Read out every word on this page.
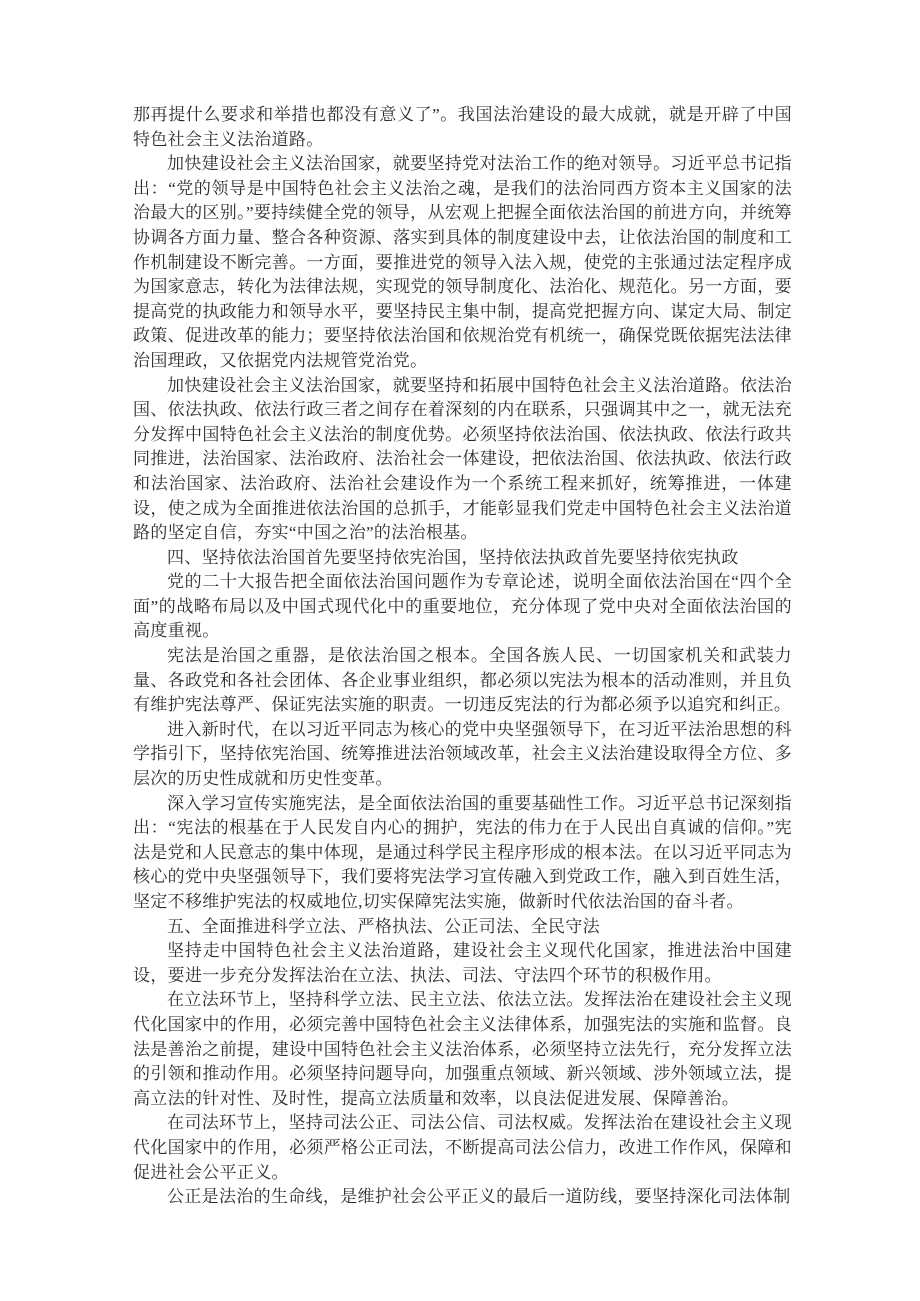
那再提什么要求和举措也都没有意义了”。我国法治建设的最大成就，就是开辟了中国特色社会主义法治道路。

加快建设社会主义法治国家，就要坚持党对法治工作的绝对领导。习近平总书记指出：“党的领导是中国特色社会主义法治之魂，是我们的法治同西方资本主义国家的法治最大的区别。”要持续健全党的领导，从宏观上把握全面依法治国的前进方向，并统筹协调各方面力量、整合各种资源、落实到具体的制度建设中去，让依法治国的制度和工作机制建设不断完善。一方面，要推进党的领导入法入规，使党的主张通过法定程序成为国家意志，转化为法律法规，实现党的领导制度化、法治化、规范化。另一方面，要提高党的执政能力和领导水平，要坚持民主集中制，提高党把握方向、谋定大局、制定政策、促进改革的能力；要坚持依法治国和依规治党有机统一，确保党既依据宪法法律治国理政，又依据党内法规管党治党。

加快建设社会主义法治国家，就要坚持和拓展中国特色社会主义法治道路。依法治国、依法执政、依法行政三者之间存在着深刻的内在联系，只强调其中之一，就无法充分发挥中国特色社会主义法治的制度优势。必须坚持依法治国、依法执政、依法行政共同推进，法治国家、法治政府、法治社会一体建设，把依法治国、依法执政、依法行政和法治国家、法治政府、法治社会建设作为一个系统工程来抓好，统筹推进，一体建设，使之成为全面推进依法治国的总抓手，才能彰显我们党走中国特色社会主义法治道路的坚定自信，夯实“中国之治”的法治根基。

四、坚持依法治国首先要坚持依宪治国，坚持依法执政首先要坚持依宪执政

党的二十大报告把全面依法治国问题作为专章论述，说明全面依法治国在“四个全面”的战略布局以及中国式现代化中的重要地位，充分体现了党中央对全面依法治国的高度重视。

宪法是治国之重器，是依法治国之根本。全国各族人民、一切国家机关和武装力量、各政党和各社会团体、各企业事业组织，都必须以宪法为根本的活动准则，并且负有维护宪法尊严、保证宪法实施的职责。一切违反宪法的行为都必须予以追究和纠正。

进入新时代，在以习近平同志为核心的党中央坚强领导下，在习近平法治思想的科学指引下，坚持依宪治国、统筹推进法治领域改革，社会主义法治建设取得全方位、多层次的历史性成就和历史性变革。

深入学习宣传实施宪法，是全面依法治国的重要基础性工作。习近平总书记深刻指出：“宪法的根基在于人民发自内心的拥护，宪法的伟力在于人民出自真诚的信仰。”宪法是党和人民意志的集中体现，是通过科学民主程序形成的根本法。在以习近平同志为核心的党中央坚强领导下，我们要将宪法学习宣传融入到党政工作，融入到百姓生活，坚定不移维护宪法的权威地位,切实保障宪法实施，做新时代依法治国的奋斗者。

五、全面推进科学立法、严格执法、公正司法、全民守法

坚持走中国特色社会主义法治道路，建设社会主义现代化国家，推进法治中国建设，要进一步充分发挥法治在立法、执法、司法、守法四个环节的积极作用。

在立法环节上，坚持科学立法、民主立法、依法立法。发挥法治在建设社会主义现代化国家中的作用，必须完善中国特色社会主义法律体系，加强宪法的实施和监督。良法是善治之前提，建设中国特色社会主义法治体系，必须坚持立法先行，充分发挥立法的引领和推动作用。必须坚持问题导向，加强重点领域、新兴领域、涉外领域立法，提高立法的针对性、及时性，提高立法质量和效率，以良法促进发展、保障善治。

在司法环节上，坚持司法公正、司法公信、司法权威。发挥法治在建设社会主义现代化国家中的作用，必须严格公正司法，不断提高司法公信力，改进工作作风，保障和促进社会公平正义。

公正是法治的生命线，是维护社会公平正义的最后一道防线，要坚持深化司法体制
